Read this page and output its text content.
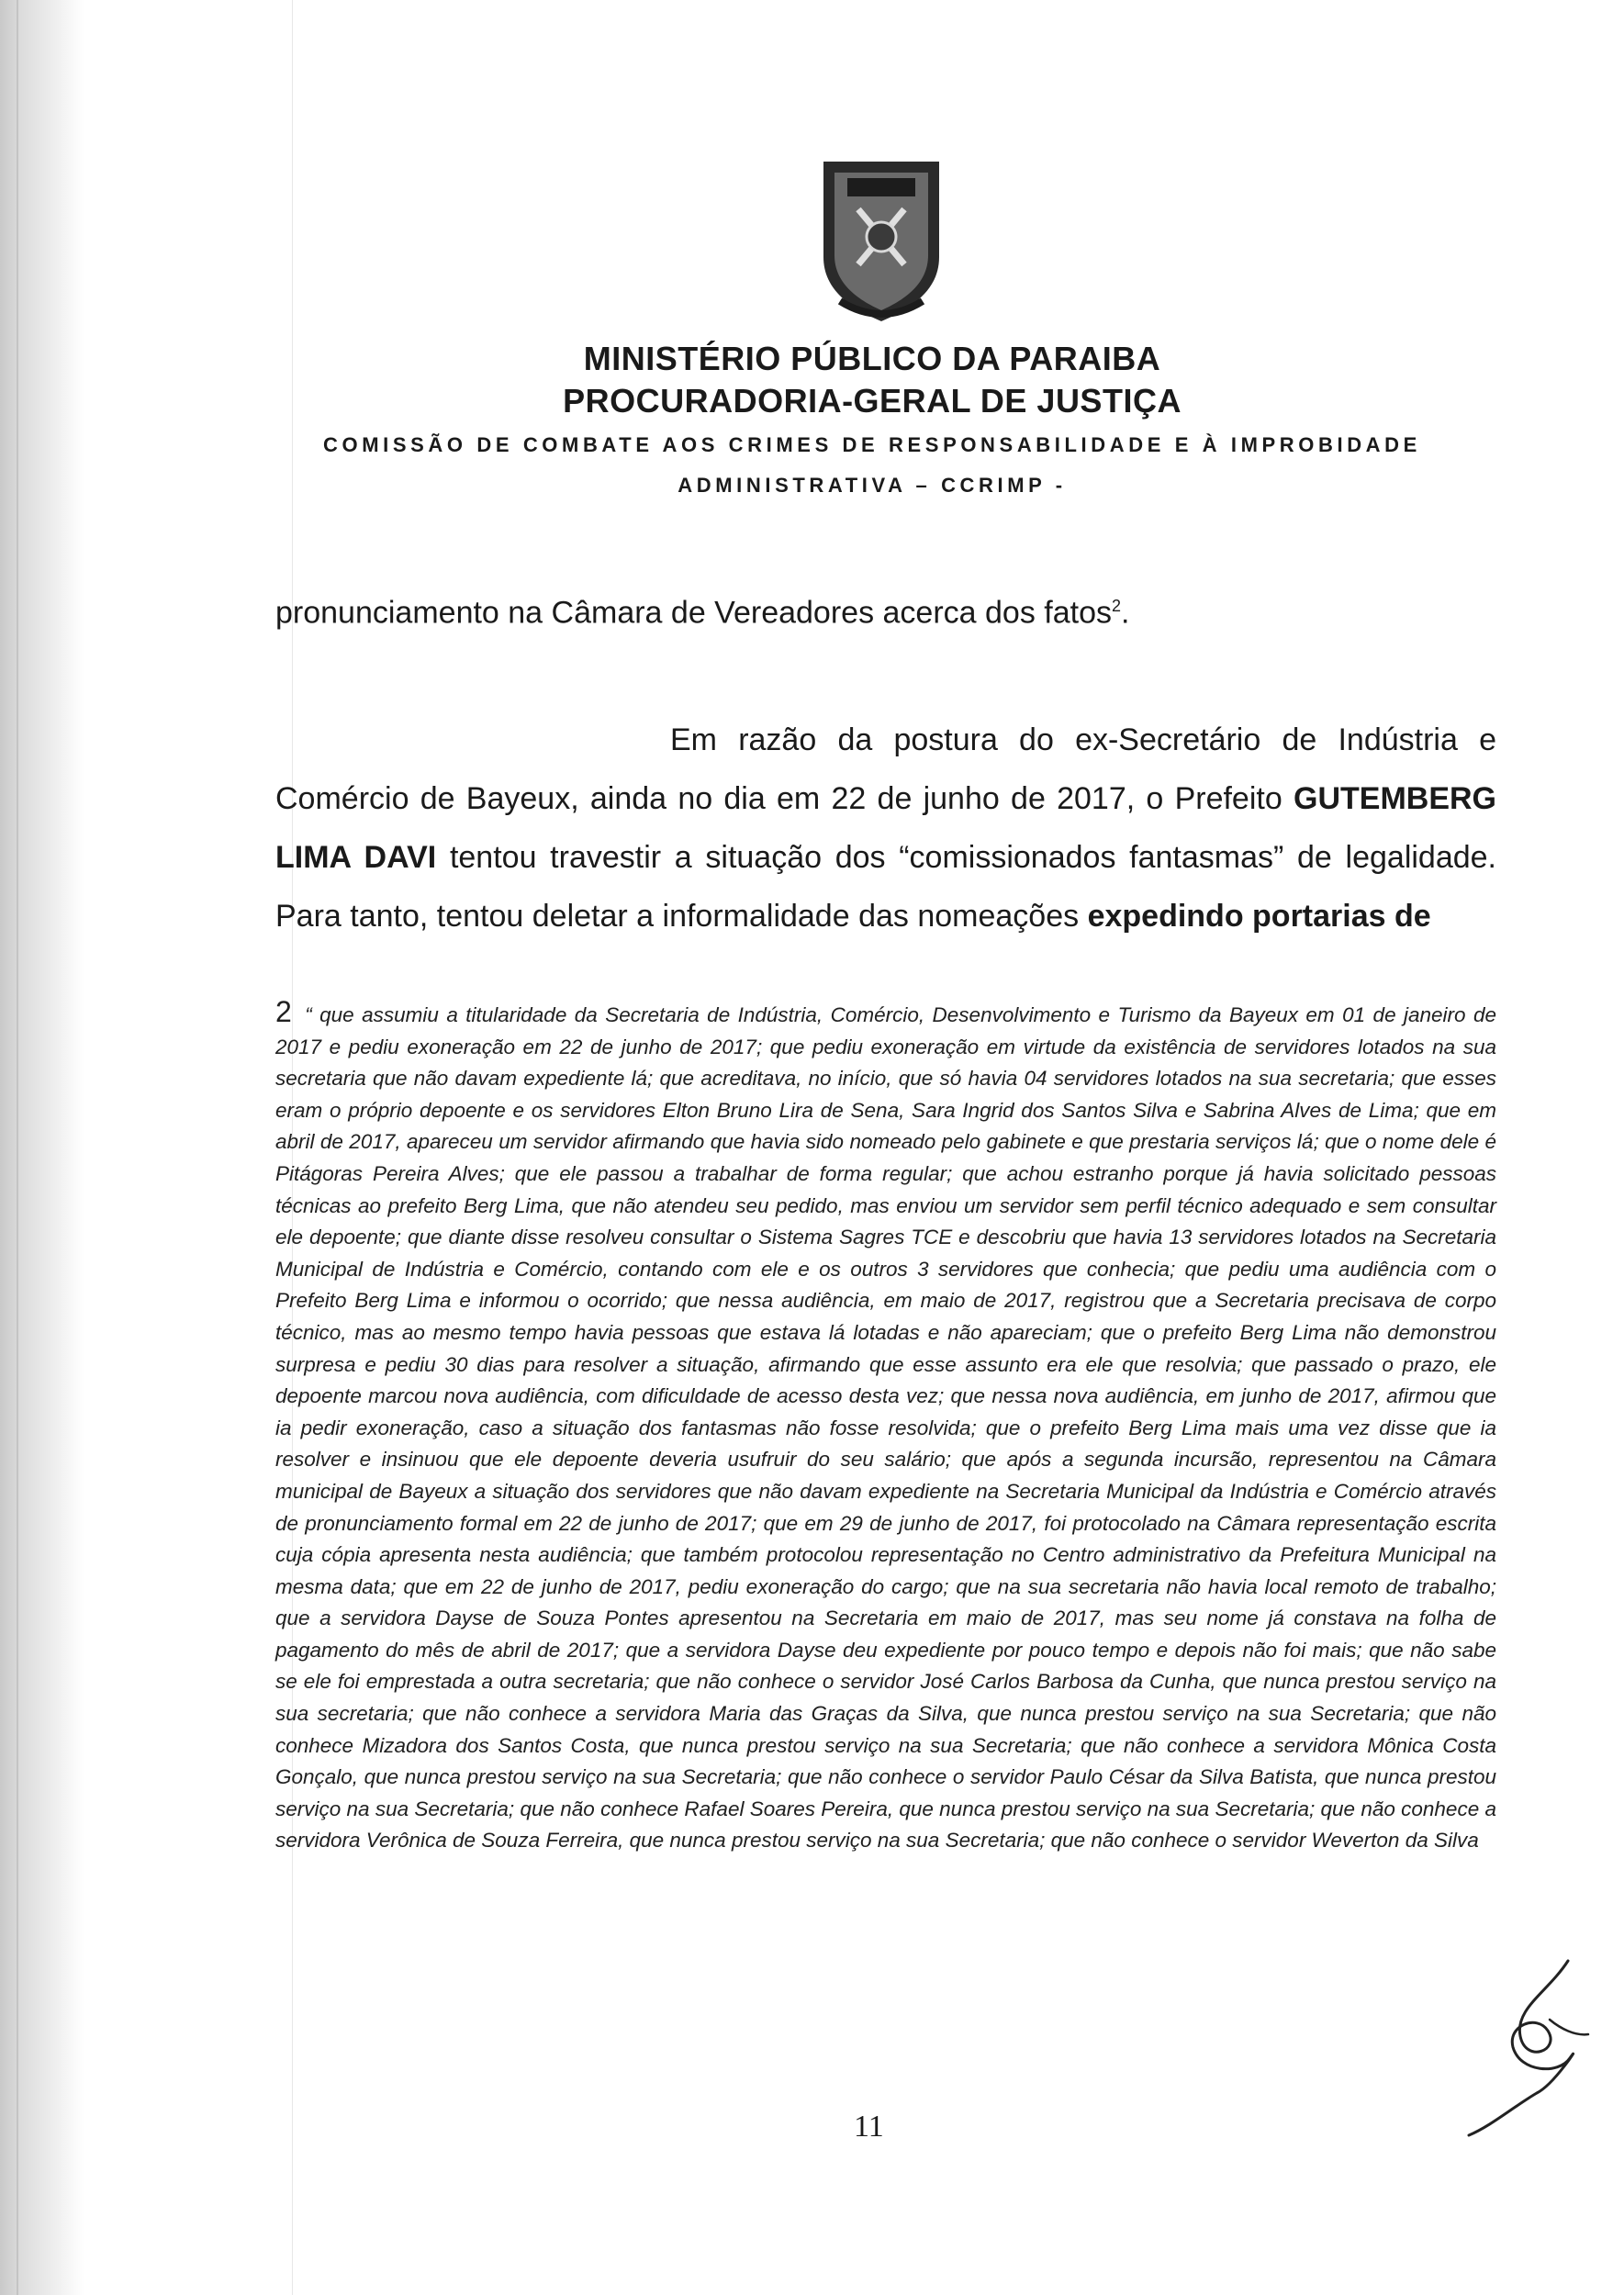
MINISTÉRIO PÚBLICO DA PARAIBA
PROCURADORIA-GERAL DE JUSTIÇA
COMISSÃO DE COMBATE AOS CRIMES DE RESPONSABILIDADE E À IMPROBIDADE
ADMINISTRATIVA – CCRIMP -
pronunciamento na Câmara de Vereadores acerca dos fatos$^2$.
Em razão da postura do ex-Secretário de Indústria e Comércio de Bayeux, ainda no dia em 22 de junho de 2017, o Prefeito GUTEMBERG LIMA DAVI tentou travestir a situação dos “comissionados fantasmas” de legalidade. Para tanto, tentou deletar a informalidade das nomeações expedindo portarias de
2 “ que assumiu a titularidade da Secretaria de Indústria, Comércio, Desenvolvimento e Turismo da Bayeux em 01 de janeiro de 2017 e pediu exoneração em 22 de junho de 2017; que pediu exoneração em virtude da existência de servidores lotados na sua secretaria que não davam expediente lá; que acreditava, no início, que só havia 04 servidores lotados na sua secretaria; que esses eram o próprio depoente e os servidores Elton Bruno Lira de Sena, Sara Ingrid dos Santos Silva e Sabrina Alves de Lima; que em abril de 2017, apareceu um servidor afirmando que havia sido nomeado pelo gabinete e que prestaria serviços lá; que o nome dele é Pitágoras Pereira Alves; que ele passou a trabalhar de forma regular; que achou estranho porque já havia solicitado pessoas técnicas ao prefeito Berg Lima, que não atendeu seu pedido, mas enviou um servidor sem perfil técnico adequado e sem consultar ele depoente; que diante disse resolveu consultar o Sistema Sagres TCE e descobriu que havia 13 servidores lotados na Secretaria Municipal de Indústria e Comércio, contando com ele e os outros 3 servidores que conhecia; que pediu uma audiência com o Prefeito Berg Lima e informou o ocorrido; que nessa audiência, em maio de 2017, registrou que a Secretaria precisava de corpo técnico, mas ao mesmo tempo havia pessoas que estava lá lotadas e não apareciam; que o prefeito Berg Lima não demonstrou surpresa e pediu 30 dias para resolver a situação, afirmando que esse assunto era ele que resolvia; que passado o prazo, ele depoente marcou nova audiência, com dificuldade de acesso desta vez; que nessa nova audiência, em junho de 2017, afirmou que ia pedir exoneração, caso a situação dos fantasmas não fosse resolvida; que o prefeito Berg Lima mais uma vez disse que ia resolver e insinuou que ele depoente deveria usufruir do seu salário; que após a segunda incursão, representou na Câmara municipal de Bayeux a situação dos servidores que não davam expediente na Secretaria Municipal da Indústria e Comércio através de pronunciamento formal em 22 de junho de 2017; que em 29 de junho de 2017, foi protocolado na Câmara representação escrita cuja cópia apresenta nesta audiência; que também protocolou representação no Centro administrativo da Prefeitura Municipal na mesma data; que em 22 de junho de 2017, pediu exoneração do cargo; que na sua secretaria não havia local remoto de trabalho; que a servidora Dayse de Souza Pontes apresentou na Secretaria em maio de 2017, mas seu nome já constava na folha de pagamento do mês de abril de 2017; que a servidora Dayse deu expediente por pouco tempo e depois não foi mais; que não sabe se ele foi emprestada a outra secretaria; que não conhece o servidor José Carlos Barbosa da Cunha, que nunca prestou serviço na sua secretaria; que não conhece a servidora Maria das Graças da Silva, que nunca prestou serviço na sua Secretaria; que não conhece Mizadora dos Santos Costa, que nunca prestou serviço na sua Secretaria; que não conhece a servidora Mônica Costa Gonçalo, que nunca prestou serviço na sua Secretaria; que não conhece o servidor Paulo César da Silva Batista, que nunca prestou serviço na sua Secretaria; que não conhece Rafael Soares Pereira, que nunca prestou serviço na sua Secretaria; que não conhece a servidora Verônica de Souza Ferreira, que nunca prestou serviço na sua Secretaria; que não conhece o servidor Weverton da Silva
11
